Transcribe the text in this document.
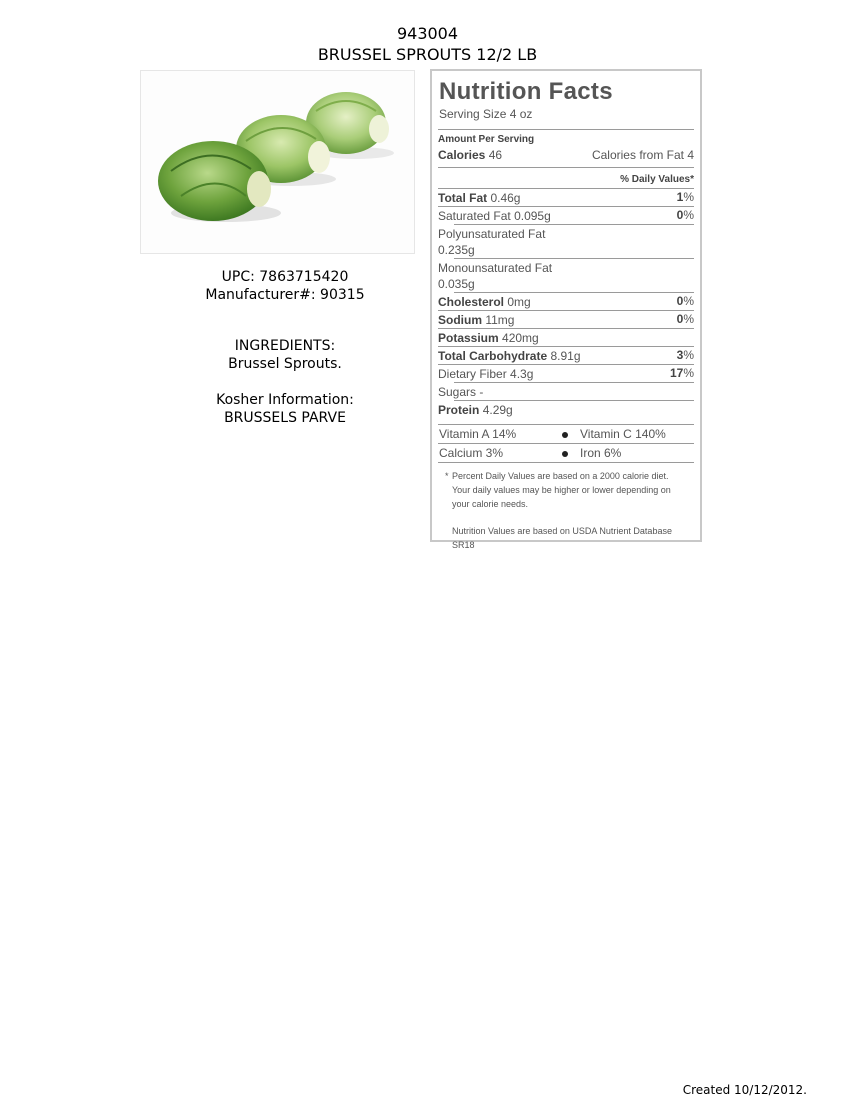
943004
BRUSSEL SPROUTS 12/2 LB
UPC: 7863715420
Manufacturer#: 90315
INGREDIENTS:
Brussel Sprouts.
Kosher Information:
BRUSSELS PARVE
Nutrition Facts
Serving Size 4 oz
Amount Per Serving
Calories 46	Calories from Fat 4
% Daily Values*
Total Fat 0.46g	1%
Saturated Fat 0.095g	0%
Polyunsaturated Fat
0.235g
Monounsaturated Fat
0.035g
Cholesterol 0mg	0%
Sodium 11mg	0%
Potassium 420mg
Total Carbohydrate 8.91g	3%
Dietary Fiber 4.3g	17%
Sugars -
Protein 4.29g
Vitamin A 14%	Vitamin C 140%
Calcium 3%	Iron 6%
* Percent Daily Values are based on a 2000 calorie diet.
Your daily values may be higher or lower depending on
your calorie needs.
Nutrition Values are based on USDA Nutrient Database
SR18
Created 10/12/2012.
